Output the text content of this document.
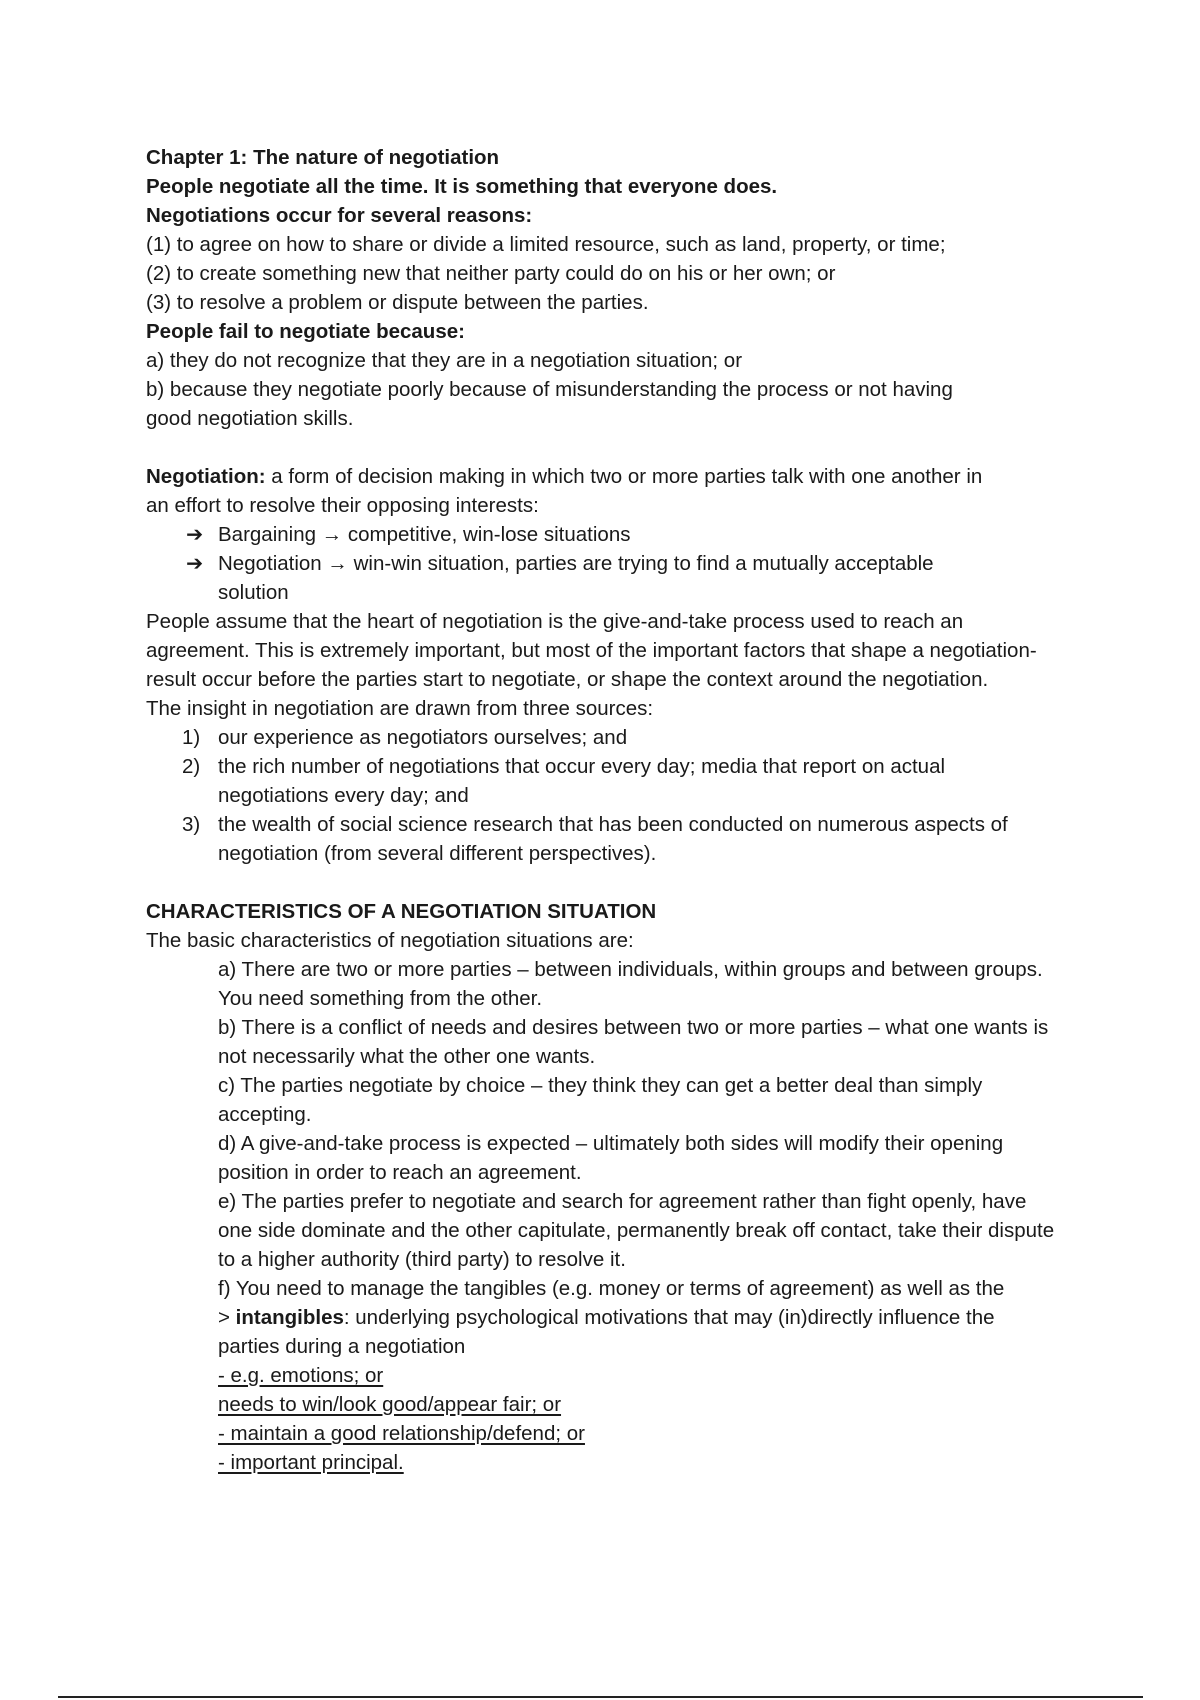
Chapter 1: The nature of negotiation
People negotiate all the time. It is something that everyone does.
Negotiations occur for several reasons:
(1) to agree on how to share or divide a limited resource, such as land, property, or time;
(2) to create something new that neither party could do on his or her own; or
(3) to resolve a problem or dispute between the parties.
People fail to negotiate because:
a) they do not recognize that they are in a negotiation situation; or
b) because they negotiate poorly because of misunderstanding the process or not having
good negotiation skills.
Negotiation: a form of decision making in which two or more parties talk with one another in
an effort to resolve their opposing interests:
➔ Bargaining → competitive, win-lose situations
➔ Negotiation → win-win situation, parties are trying to find a mutually acceptable solution
People assume that the heart of negotiation is the give-and-take process used to reach an agreement. This is extremely important, but most of the important factors that shape a negotiation-result occur before the parties start to negotiate, or shape the context around the negotiation.
The insight in negotiation are drawn from three sources:
1) our experience as negotiators ourselves; and
2) the rich number of negotiations that occur every day; media that report on actual negotiations every day; and
3) the wealth of social science research that has been conducted on numerous aspects of negotiation (from several different perspectives).
CHARACTERISTICS OF A NEGOTIATION SITUATION
The basic characteristics of negotiation situations are:
a) There are two or more parties – between individuals, within groups and between groups. You need something from the other.
b) There is a conflict of needs and desires between two or more parties – what one wants is not necessarily what the other one wants.
c) The parties negotiate by choice – they think they can get a better deal than simply accepting.
d) A give-and-take process is expected – ultimately both sides will modify their opening position in order to reach an agreement.
e) The parties prefer to negotiate and search for agreement rather than fight openly, have one side dominate and the other capitulate, permanently break off contact, take their dispute to a higher authority (third party) to resolve it.
f) You need to manage the tangibles (e.g. money or terms of agreement) as well as the
> intangibles: underlying psychological motivations that may (in)directly influence the parties during a negotiation
- e.g. emotions; or
needs to win/look good/appear fair; or
- maintain a good relationship/defend; or
- important principal.
